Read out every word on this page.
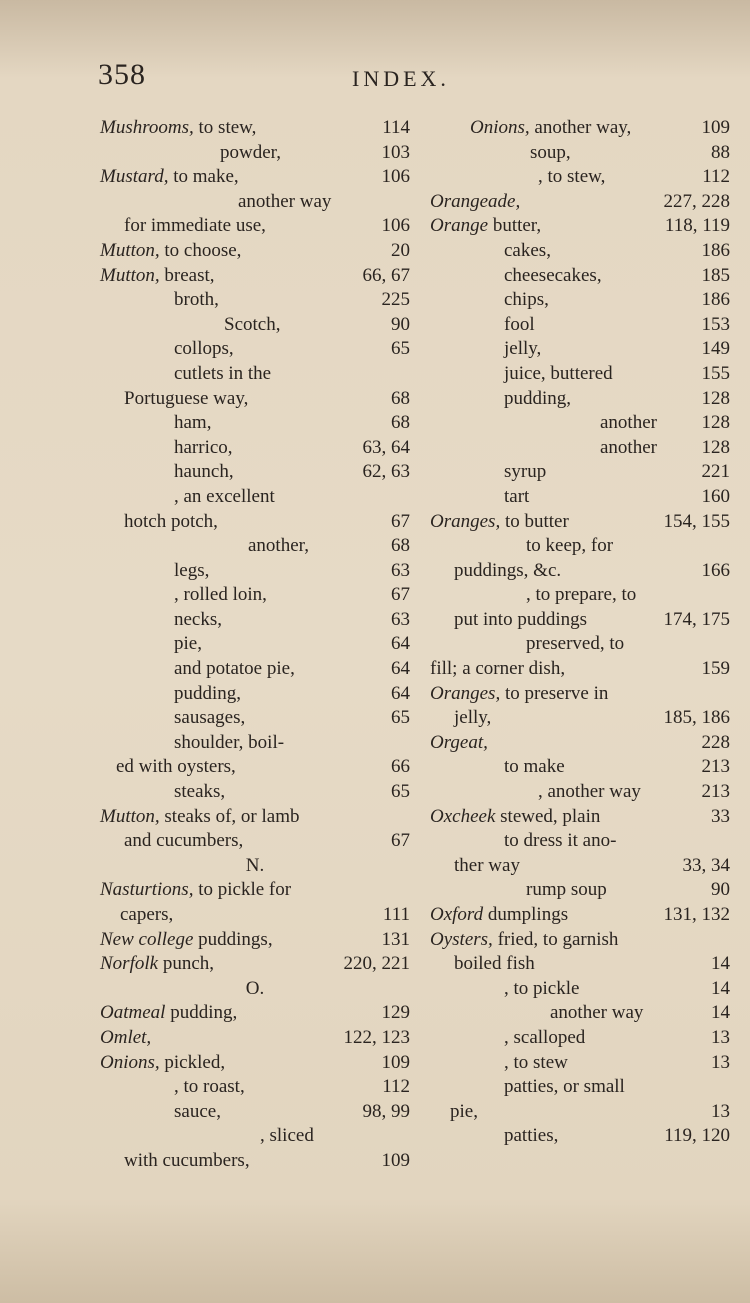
358	INDEX.
Mushrooms, to stew,	114
powder,	103
Mustard, to make,	106
another way
for immediate use,	106
Mutton, to choose,	20
Mutton, breast,	66, 67
broth,	225
Scotch,	90
collops,	65
cutlets in the
Portuguese way,	68
ham,	68
harrico,	63, 64
haunch,	62, 63
, an excellent
hotch potch,	67
another,	68
legs,	63
, rolled loin,	67
necks,	63
pie,	64
and potatoe pie,	64
pudding,	64
sausages,	65
shoulder, boil-
ed with oysters,	66
steaks,	65
Mutton, steaks of, or lamb
and cucumbers,	67
N.
Nasturtions, to pickle for
capers,	111
New college puddings,	131
Norfolk punch,	220, 221
O.
Oatmeal pudding,	129
Omlet,	122, 123
Onions, pickled,	109
, to roast,	112
sauce,	98, 99
, sliced
with cucumbers,	109
Onions, another way,	109
soup,	88
, to stew,	112
Orangeade,	227, 228
Orange butter,	118, 119
cakes,	186
cheesecakes,	185
chips,	186
fool	153
jelly,	149
juice, buttered	155
pudding,	128
another 128
another 128
syrup	221
tart	160
Oranges, to butter	154, 155
to keep, for
puddings, &c.	166
, to prepare, to
put into puddings	174, 175
preserved, to
fill; a corner dish,	159
Oranges, to preserve in
jelly,	185, 186
Orgeat,	228
to make	213
, another way	213
Oxcheek stewed, plain	33
to dress it ano-
ther way	33, 34
rump soup	90
Oxford dumplings	131, 132
Oysters, fried, to garnish
boiled fish	14
, to pickle	14
another way	14
, scalloped	13
, to stew	13
patties, or small
pie,	13
patties,	119, 120
